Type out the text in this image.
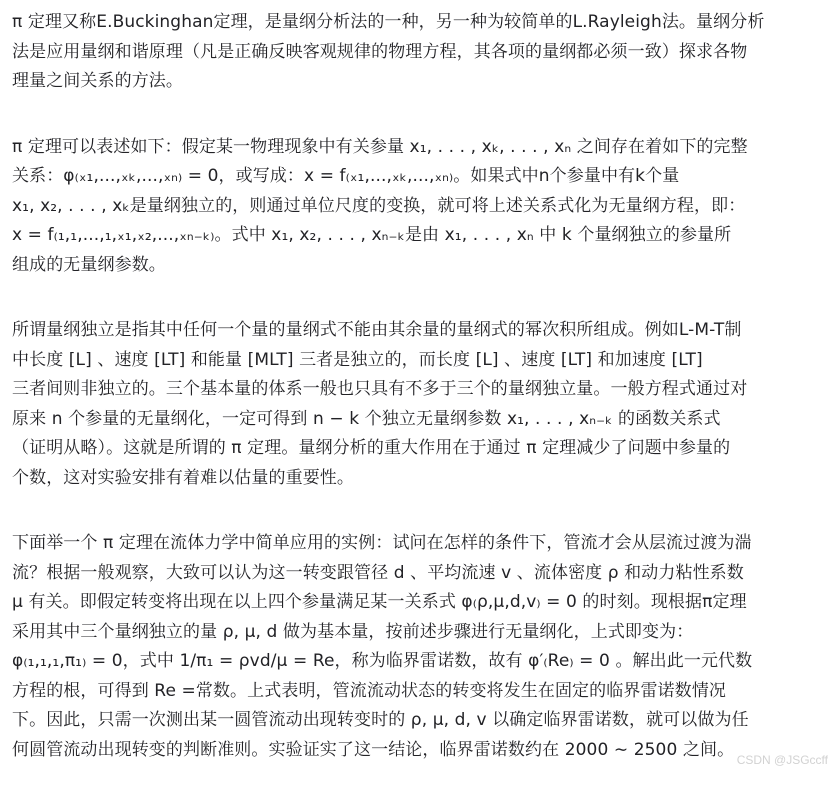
π 定理又称E.Buckinghan定理，是量纲分析法的一种，另一种为较简单的L.Rayleigh法。量纲分析
法是应用量纲和谐原理（凡是正确反映客观规律的物理方程，其各项的量纲都必须一致）探求各物
理量之间关系的方法。
π 定理可以表述如下：假定某一物理现象中有关参量 x₁, . . . , xₖ, . . . , xₙ 之间存在着如下的完整
关系：φ₍ₓ₁,...,ₓₖ,...,ₓₙ₎ = 0，或写成：x = f₍ₓ₁,...,ₓₖ,...,ₓₙ₎。如果式中n个参量中有k个量
x₁, x₂, . . . , xₖ是量纲独立的，则通过单位尺度的变换，就可将上述关系式化为无量纲方程，即：
x = f₍₁,₁,...,₁,ₓ₁,ₓ₂,...,ₓₙ₋ₖ₎。式中 x₁, x₂, . . . , xₙ₋ₖ是由 x₁, . . . , xₙ 中 k 个量纲独立的参量所
组成的无量纲参数。
所谓量纲独立是指其中任何一个量的量纲式不能由其余量的量纲式的幂次积所组成。例如L-M-T制
中长度 [L] 、速度 [LT] 和能量 [MLT] 三者是独立的，而长度 [L] 、速度 [LT] 和加速度 [LT]
三者间则非独立的。三个基本量的体系一般也只具有不多于三个的量纲独立量。一般方程式通过对
原来 n 个参量的无量纲化，一定可得到 n − k 个独立无量纲参数 x₁, . . . , xₙ₋ₖ 的函数关系式
（证明从略）。这就是所谓的 π 定理。量纲分析的重大作用在于通过 π 定理减少了问题中参量的
个数，这对实验安排有着难以估量的重要性。
下面举一个 π 定理在流体力学中简单应用的实例：试问在怎样的条件下，管流才会从层流过渡为湍
流？根据一般观察，大致可以认为这一转变跟管径 d 、平均流速 v 、流体密度 ρ 和动力粘性系数
μ 有关。即假定转变将出现在以上四个参量满足某一关系式 φ₍ρ,μ,d,v₎ = 0 的时刻。现根据π定理
采用其中三个量纲独立的量 ρ, μ, d 做为基本量，按前述步骤进行无量纲化，上式即变为：
φ₍₁,₁,₁,π₁₎ = 0，式中 1/π₁ = ρvd/μ = Re，称为临界雷诺数，故有 φ′₍Re₎ = 0 。解出此一元代数
方程的根，可得到 Re =常数。上式表明，管流流动状态的转变将发生在固定的临界雷诺数情况
下。因此，只需一次测出某一圆管流动出现转变时的 ρ, μ, d, v 以确定临界雷诺数，就可以做为任
何圆管流动出现转变的判断准则。实验证实了这一结论，临界雷诺数约在 2000 ∼ 2500 之间。
CSDN @JSGccff
